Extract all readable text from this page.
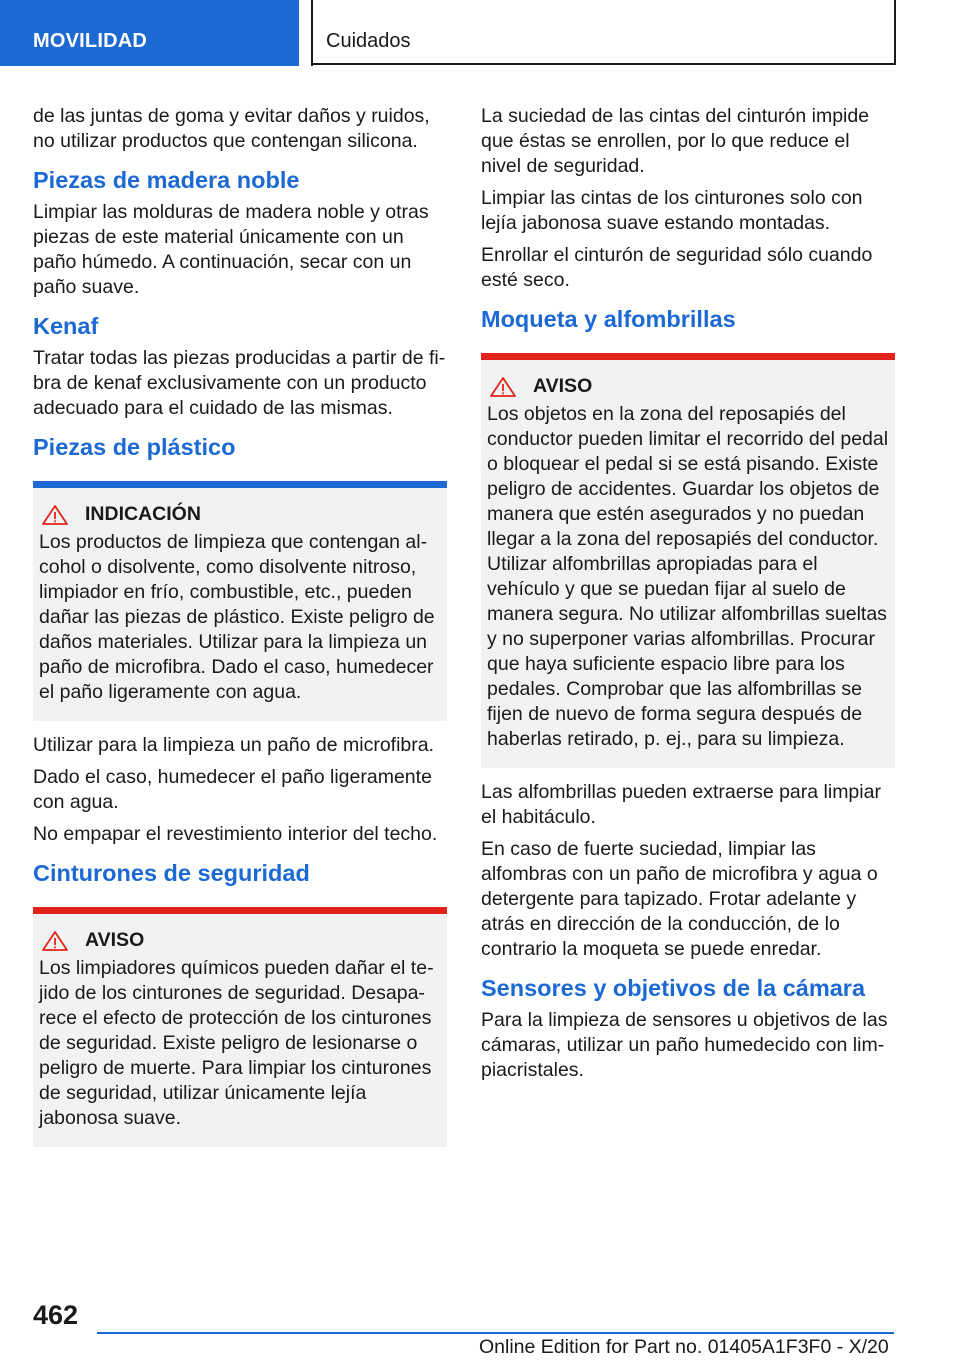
MOVILIDAD	Cuidados

de las juntas de goma y evitar daños y ruidos, no utilizar productos que contengan silicona.

Piezas de madera noble

Limpiar las molduras de madera noble y otras piezas de este material únicamente con un paño húmedo. A continuación, secar con un paño suave.

Kenaf

Tratar todas las piezas producidas a partir de fibra de kenaf exclusivamente con un producto adecuado para el cuidado de las mismas.

Piezas de plástico
INDICACIÓN

Los productos de limpieza que contengan alcohol o disolvente, como disolvente nitroso, limpiador en frío, combustible, etc., pueden dañar las piezas de plástico. Existe peligro de daños materiales. Utilizar para la limpieza un paño de microfibra. Dado el caso, humedecer el paño ligeramente con agua.

Utilizar para la limpieza un paño de microfibra.

Dado el caso, humedecer el paño ligeramente con agua.

No empapar el revestimiento interior del techo.

Cinturones de seguridad
AVISO

Los limpiadores químicos pueden dañar el tejido de los cinturones de seguridad. Desaparece el efecto de protección de los cinturones de seguridad. Existe peligro de lesionarse o peligro de muerte. Para limpiar los cinturones de seguridad, utilizar únicamente lejía jabonosa suave.

La suciedad de las cintas del cinturón impide que éstas se enrollen, por lo que reduce el nivel de seguridad.

Limpiar las cintas de los cinturones solo con lejía jabonosa suave estando montadas.

Enrollar el cinturón de seguridad sólo cuando esté seco.

Moqueta y alfombrillas
AVISO

Los objetos en la zona del reposapiés del conductor pueden limitar el recorrido del pedal o bloquear el pedal si se está pisando. Existe peligro de accidentes. Guardar los objetos de manera que estén asegurados y no puedan llegar a la zona del reposapiés del conductor. Utilizar alfombrillas apropiadas para el vehículo y que se puedan fijar al suelo de manera segura. No utilizar alfombrillas sueltas y no superponer varias alfombrillas. Procurar que haya suficiente espacio libre para los pedales. Comprobar que las alfombrillas se fijen de nuevo de forma segura después de haberlas retirado, p. ej., para su limpieza.

Las alfombrillas pueden extraerse para limpiar el habitáculo.

En caso de fuerte suciedad, limpiar las alfombras con un paño de microfibra y agua o detergente para tapizado. Frotar adelante y atrás en dirección de la conducción, de lo contrario la moqueta se puede enredar.

Sensores y objetivos de la cámara

Para la limpieza de sensores u objetivos de las cámaras, utilizar un paño humedecido con limpiacristales.

462
Online Edition for Part no. 01405A1F3F0 - X/20
